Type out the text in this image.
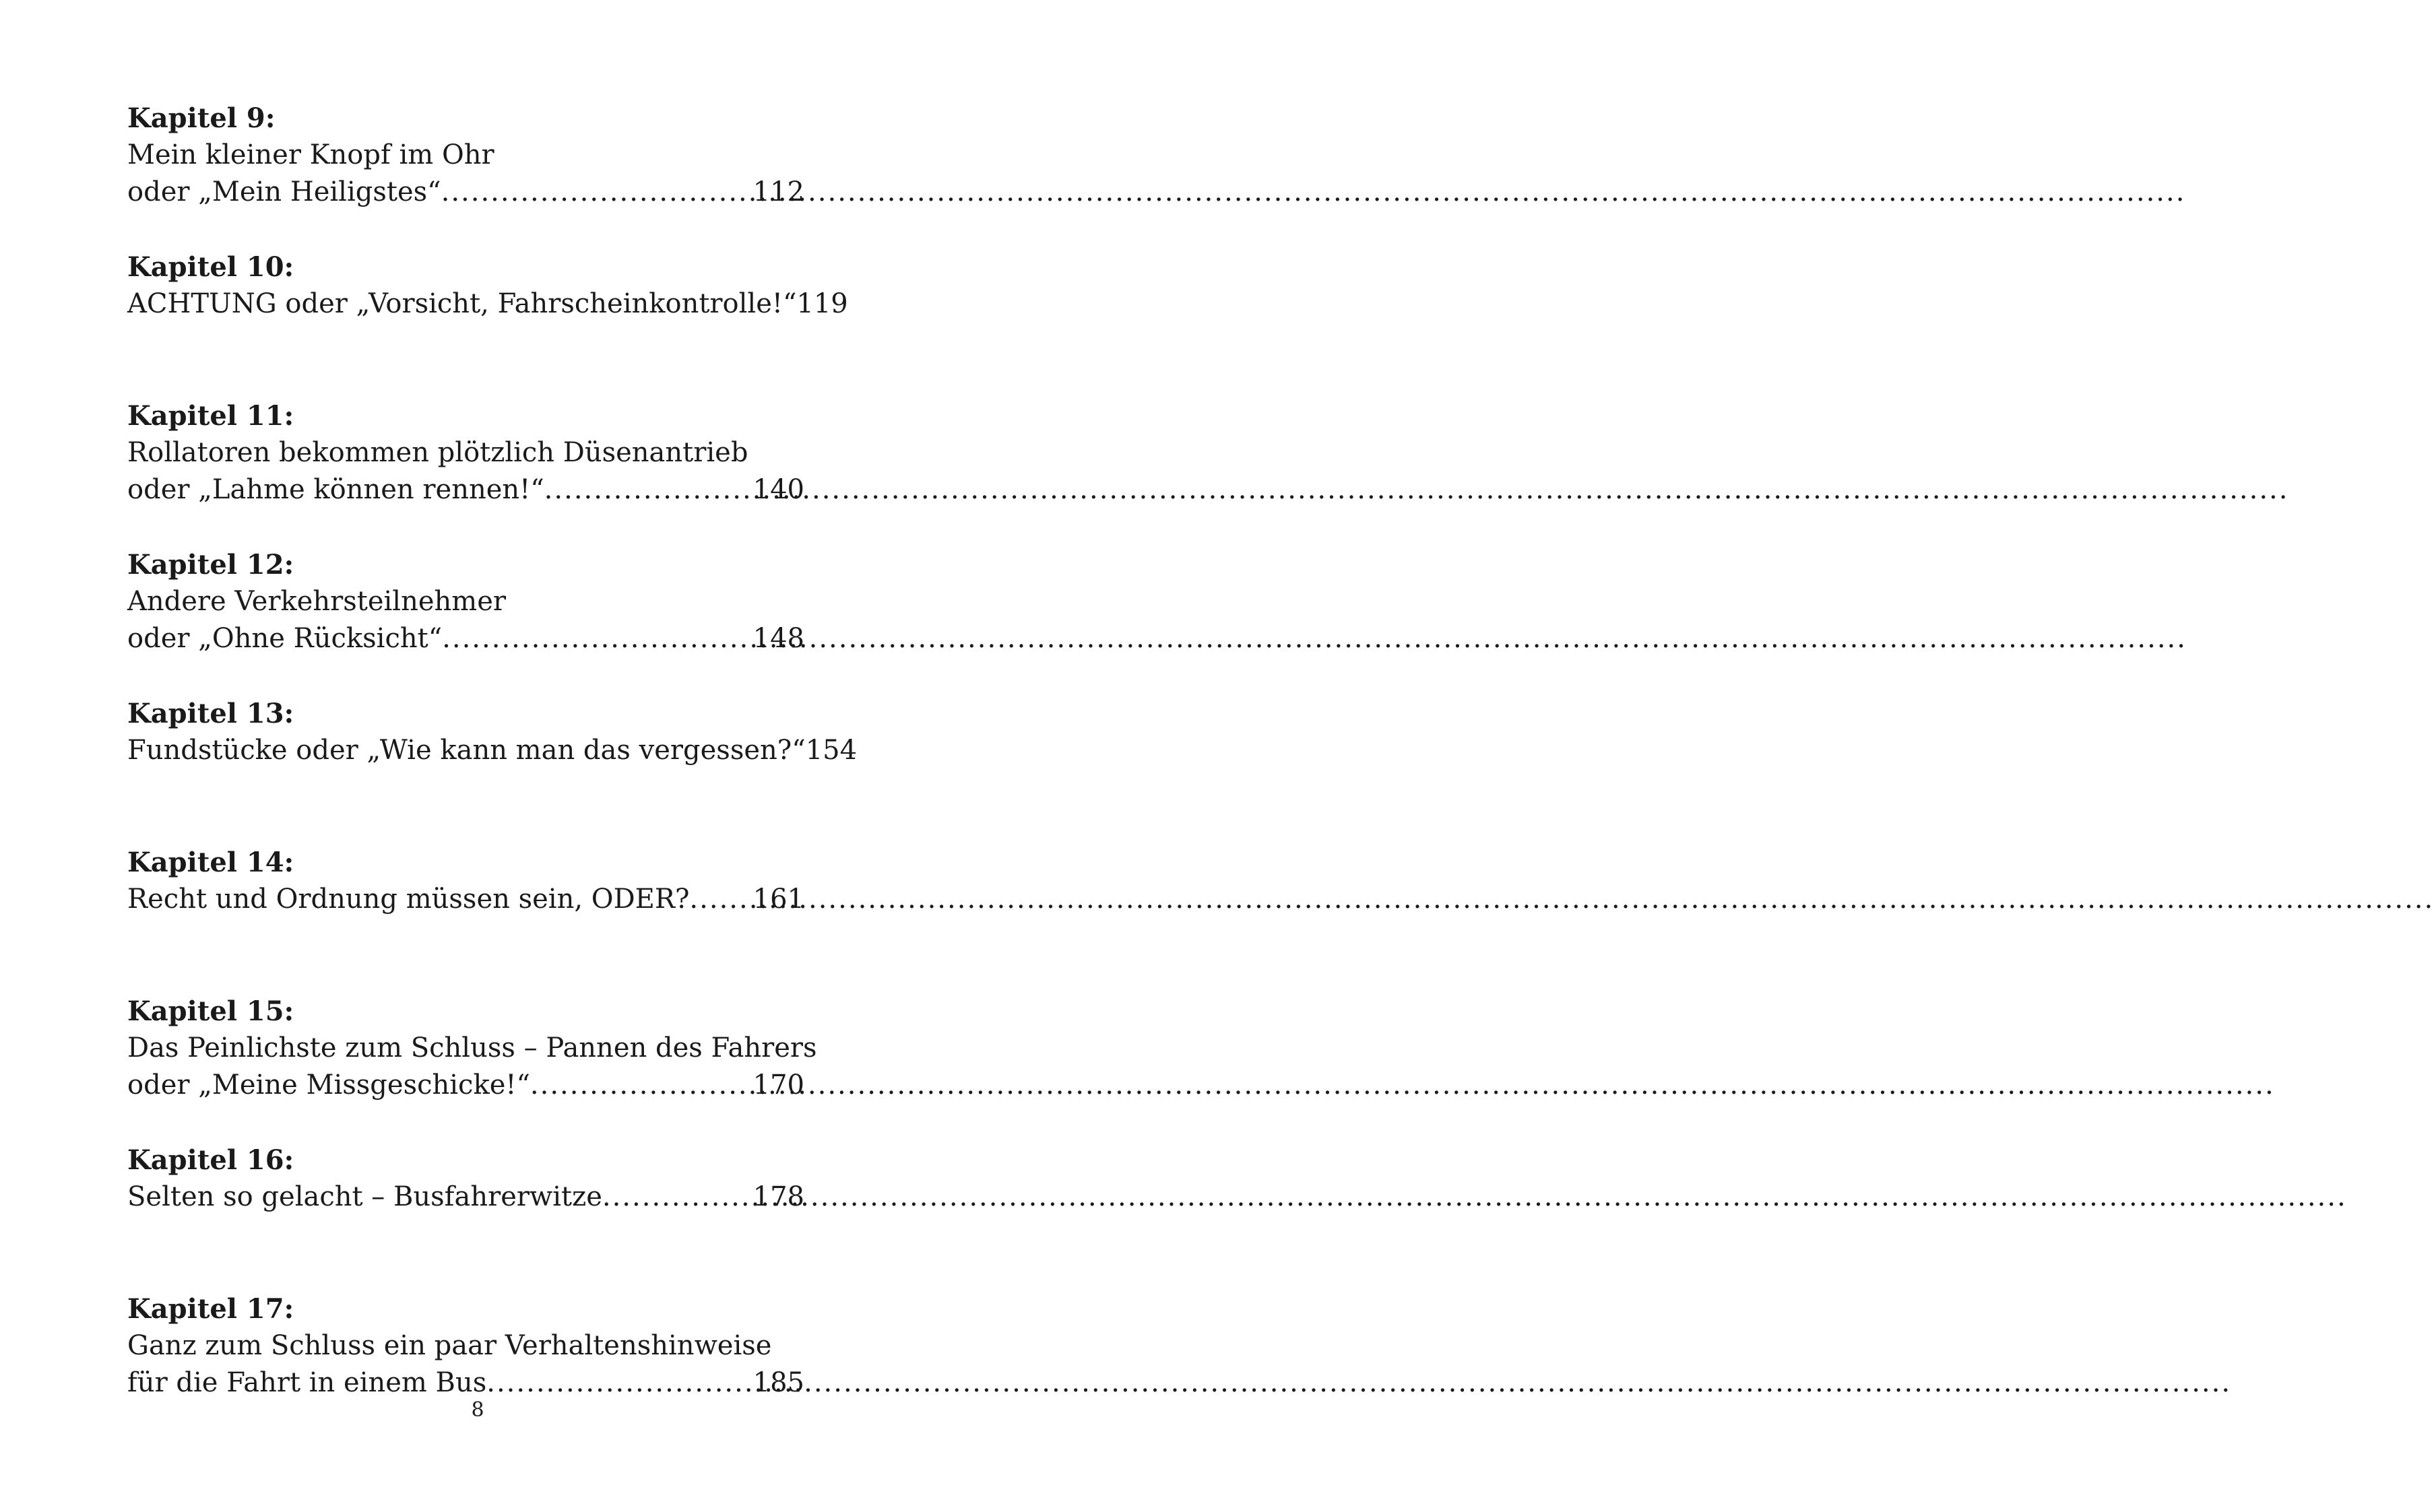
Kapitel 9:
Mein kleiner Knopf im Ohr
oder „Mein Heiligstes“ .....	112
Kapitel 10:
ACHTUNG oder „Vorsicht, Fahrscheinkontrolle!“ 119
Kapitel 11:
Rollatoren bekommen plötzlich Düsenantrieb
oder „Lahme können rennen!“ .....	140
Kapitel 12:
Andere Verkehrsteilnehmer
oder „Ohne Rücksicht“ .....	148
Kapitel 13:
Fundstücke oder „Wie kann man das vergessen?“ 154
Kapitel 14:
Recht und Ordnung müssen sein, ODER? ..... 161
Kapitel 15:
Das Peinlichste zum Schluss – Pannen des Fahrers
oder „Meine Missgeschicke!“ .....	170
Kapitel 16:
Selten so gelacht – Busfahrerwitze .....	178
Kapitel 17:
Ganz zum Schluss ein paar Verhaltenshinweise
für die Fahrt in einem Bus .....	185
8
